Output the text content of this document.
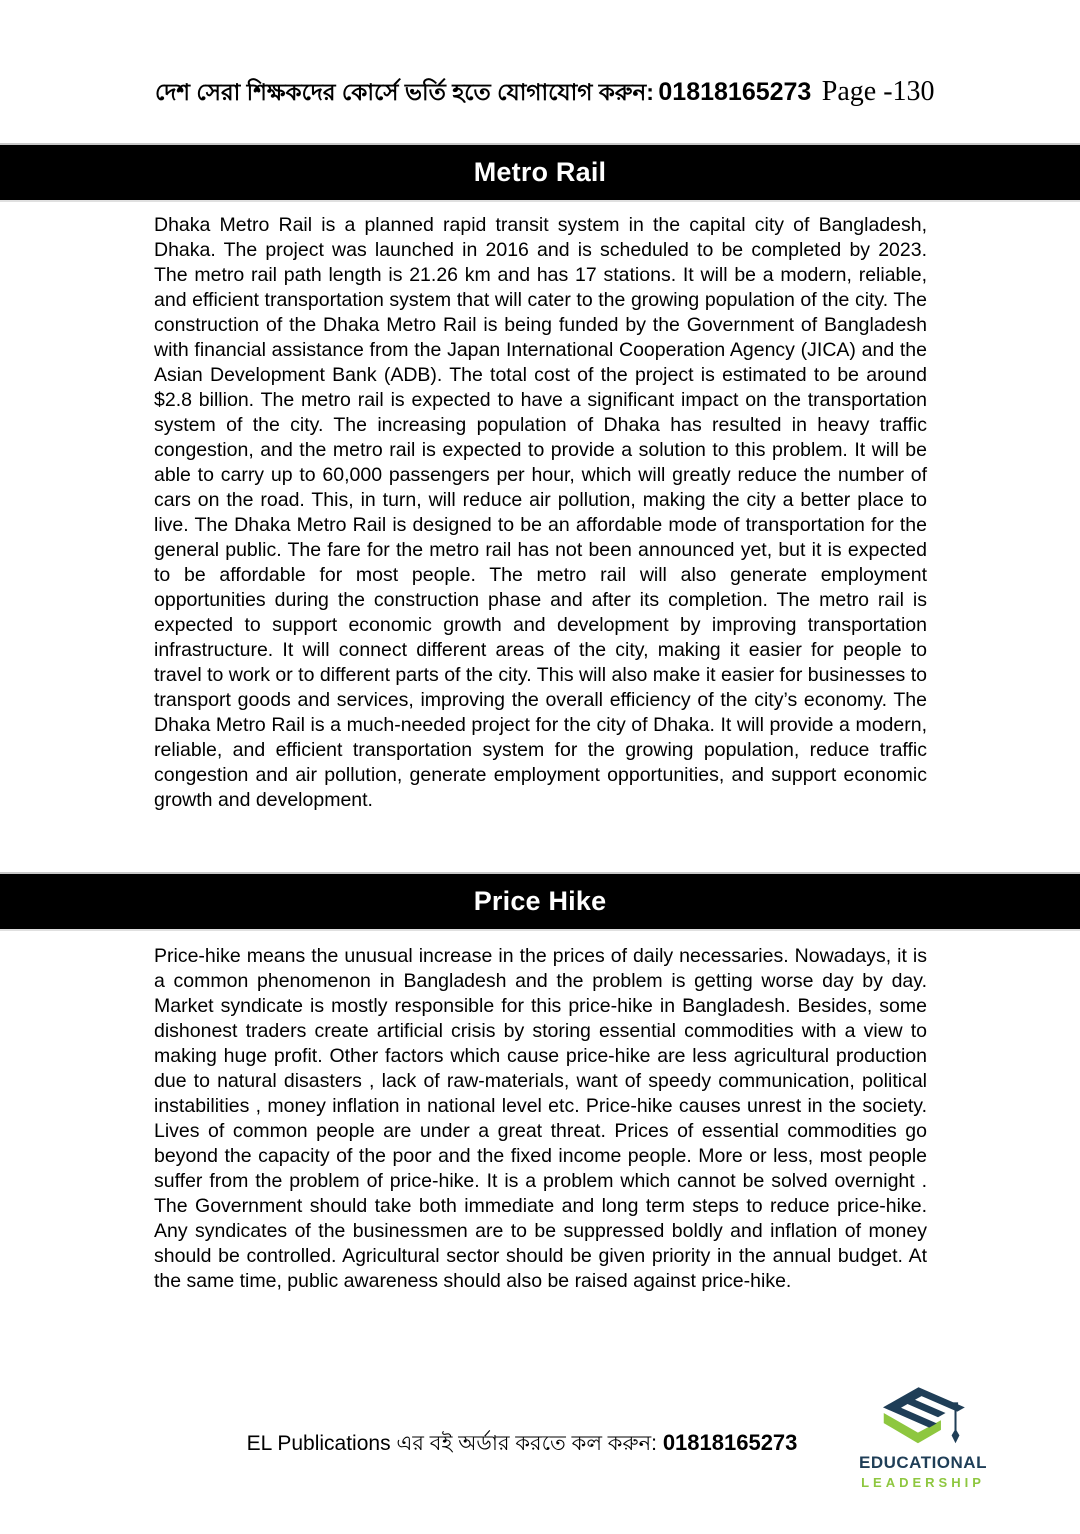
দেশ সেরা শিক্ষকদের কোর্সে ভর্তি হতে যোগাযোগ করুন: 01818165273 Page -130
Metro Rail
Dhaka Metro Rail is a planned rapid transit system in the capital city of Bangladesh, Dhaka. The project was launched in 2016 and is scheduled to be completed by 2023. The metro rail path length is 21.26 km and has 17 stations. It will be a modern, reliable, and efficient transportation system that will cater to the growing population of the city. The construction of the Dhaka Metro Rail is being funded by the Government of Bangladesh with financial assistance from the Japan International Cooperation Agency (JICA) and the Asian Development Bank (ADB). The total cost of the project is estimated to be around $2.8 billion. The metro rail is expected to have a significant impact on the transportation system of the city. The increasing population of Dhaka has resulted in heavy traffic congestion, and the metro rail is expected to provide a solution to this problem. It will be able to carry up to 60,000 passengers per hour, which will greatly reduce the number of cars on the road. This, in turn, will reduce air pollution, making the city a better place to live. The Dhaka Metro Rail is designed to be an affordable mode of transportation for the general public. The fare for the metro rail has not been announced yet, but it is expected to be affordable for most people. The metro rail will also generate employment opportunities during the construction phase and after its completion. The metro rail is expected to support economic growth and development by improving transportation infrastructure. It will connect different areas of the city, making it easier for people to travel to work or to different parts of the city. This will also make it easier for businesses to transport goods and services, improving the overall efficiency of the city’s economy. The Dhaka Metro Rail is a much-needed project for the city of Dhaka. It will provide a modern, reliable, and efficient transportation system for the growing population, reduce traffic congestion and air pollution, generate employment opportunities, and support economic growth and development.
Price Hike
Price-hike means the unusual increase in the prices of daily necessaries. Nowadays, it is a common phenomenon in Bangladesh and the problem is getting worse day by day. Market syndicate is mostly responsible for this price-hike in Bangladesh. Besides, some dishonest traders create artificial crisis by storing essential commodities with a view to making huge profit. Other factors which cause price-hike are less agricultural production due to natural disasters , lack of raw-materials, want of speedy communication, political instabilities , money inflation in national level etc. Price-hike causes unrest in the society. Lives of common people are under a great threat. Prices of essential commodities go beyond the capacity of the poor and the fixed income people. More or less, most people suffer from the problem of price-hike. It is a problem which cannot be solved overnight . The Government should take both immediate and long term steps to reduce price-hike. Any syndicates of the businessmen are to be suppressed boldly and inflation of money should be controlled. Agricultural sector should be given priority in the annual budget. At the same time, public awareness should also be raised against price-hike.
EL Publications এর বই অর্ডার করতে কল করুন: 01818165273
EDUCATIONAL
LEADERSHIP
